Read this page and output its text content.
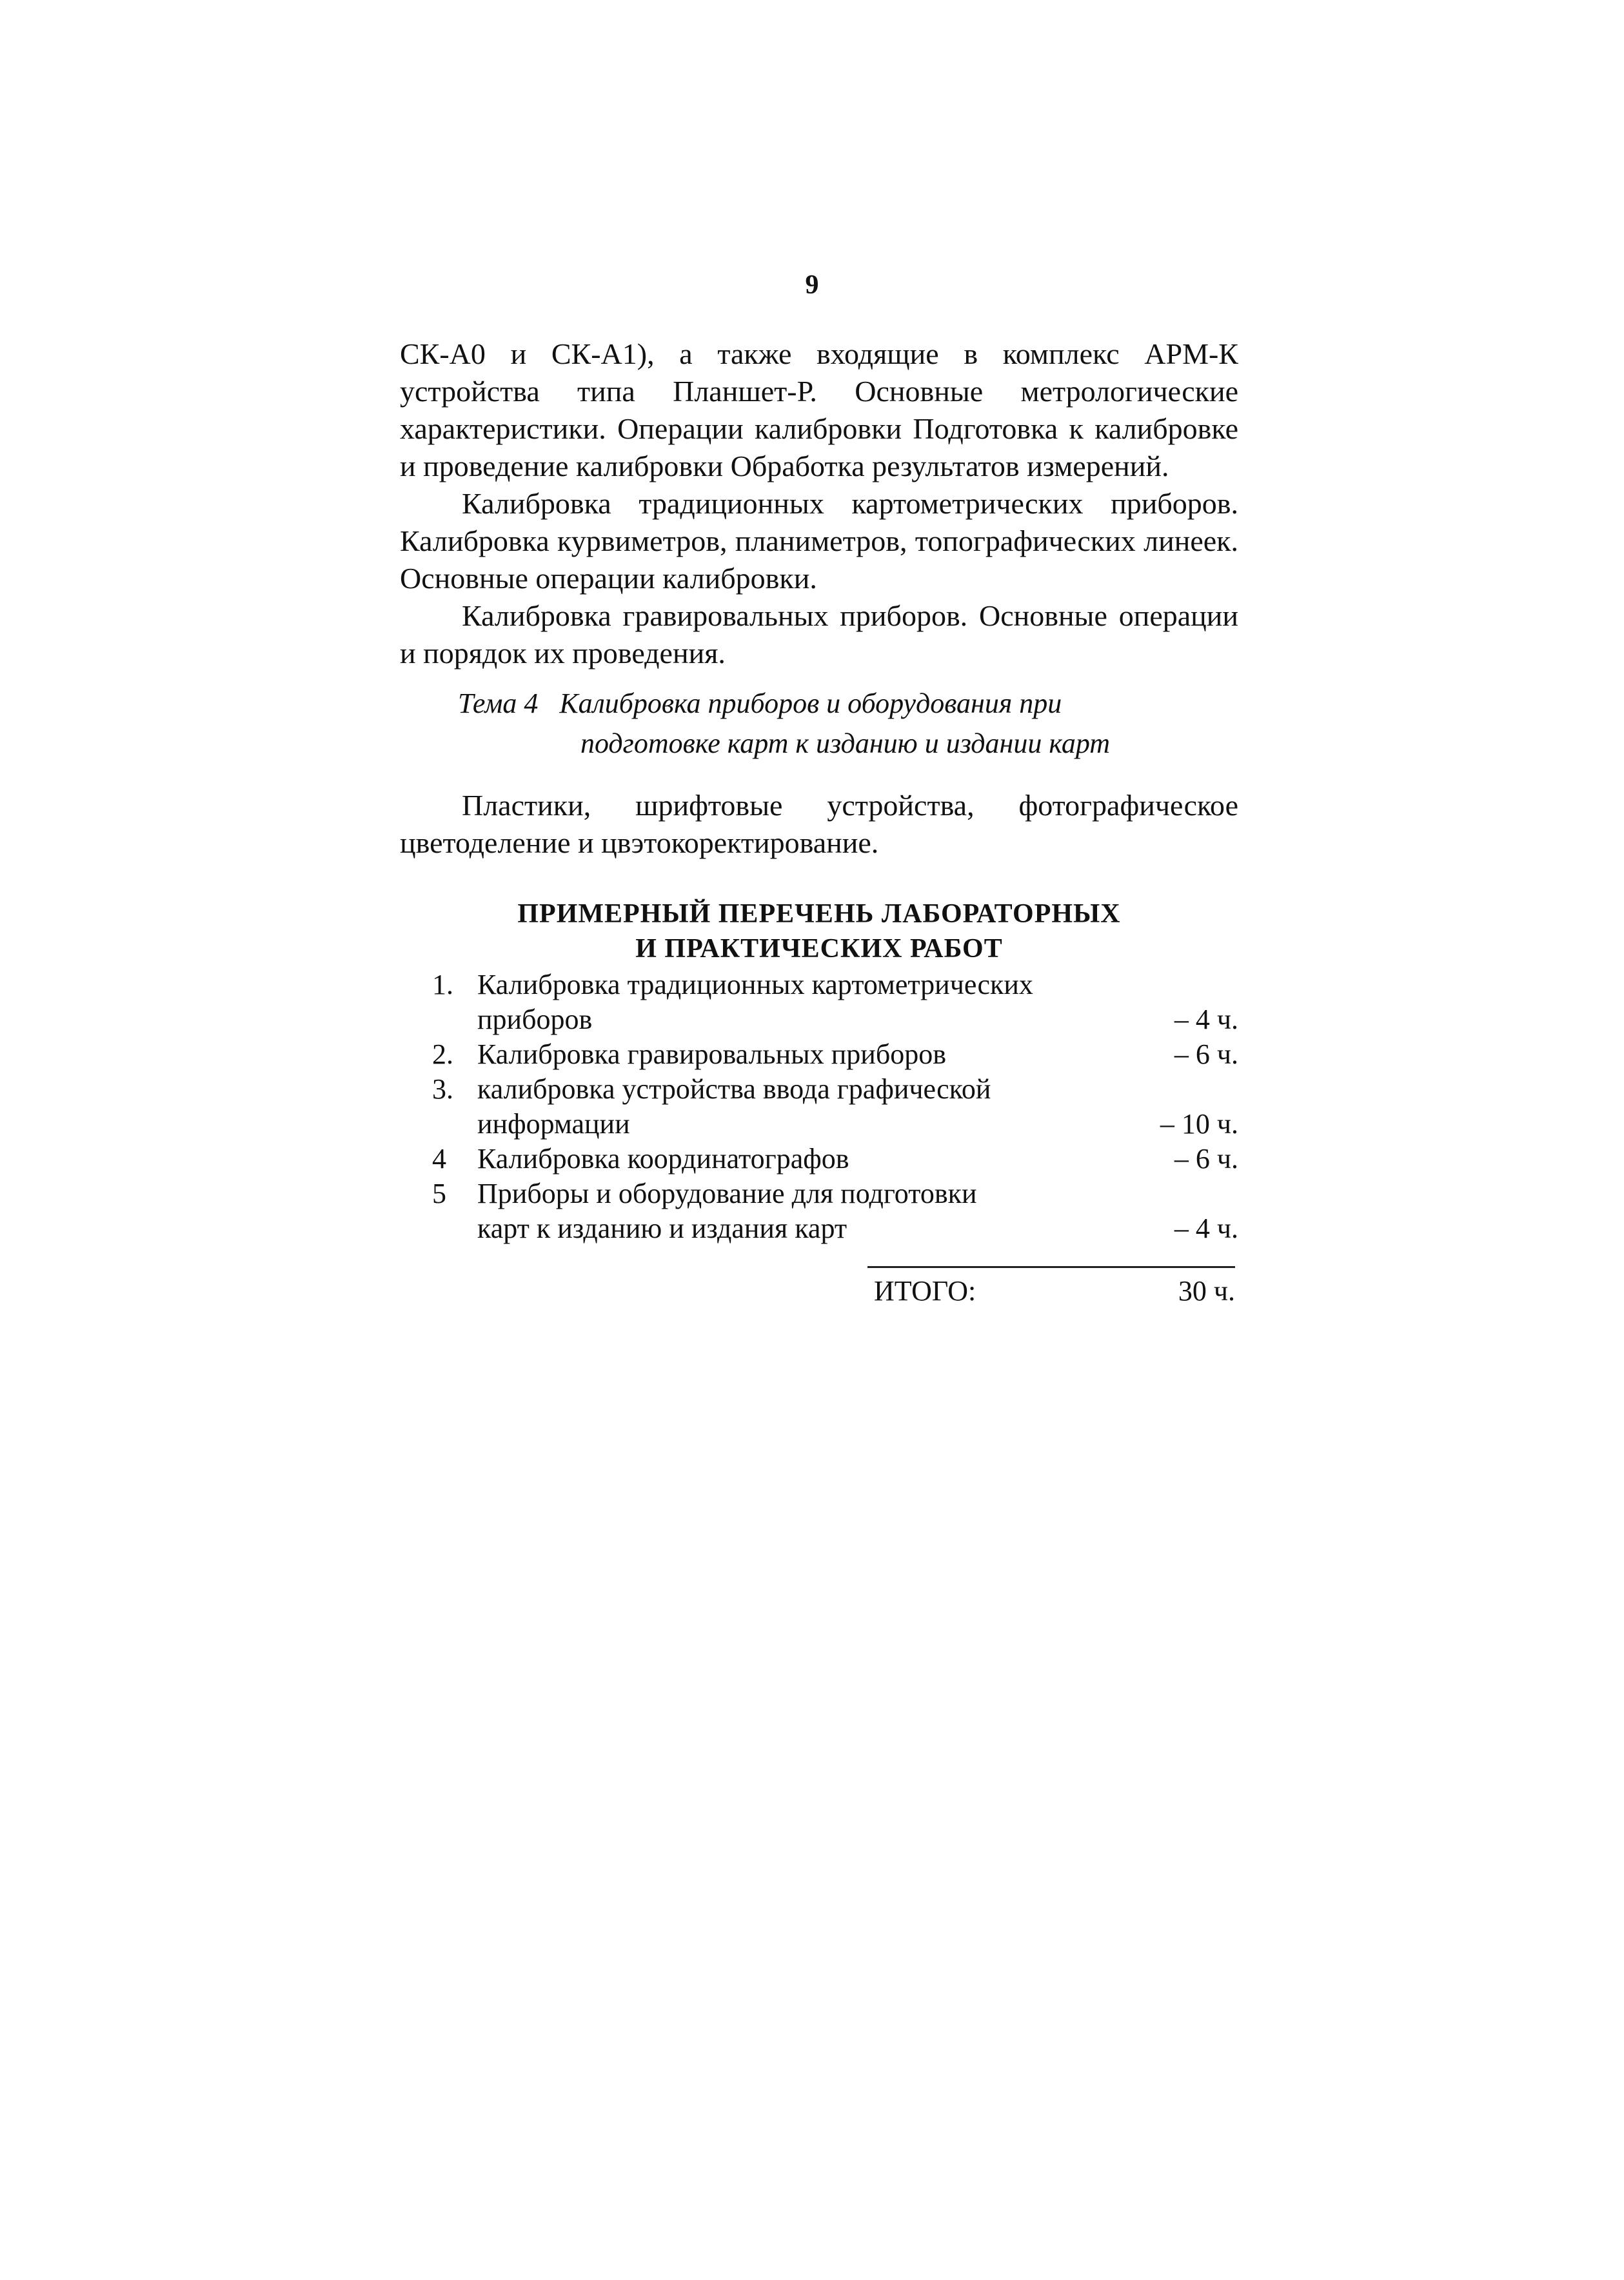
9

СК-А0 и СК-А1), а также входящие в комплекс АРМ-К устройства типа Планшет-Р. Основные метрологические характеристики. Операции калибровки Подготовка к калибровке и проведение калибровки Обработка результатов измерений.

Калибровка традиционных картометрических приборов. Калибровка курвиметров, планиметров, топографических линеек. Основные операции калибровки.

Калибровка гравировальных приборов. Основные операции и порядок их проведения.

Тема 4   Калибровка приборов и оборудования при
подготовке карт к изданию и издании карт

Пластики, шрифтовые устройства, фотографическое цветоделение и цвэтокоректирование.

ПРИМЕРНЫЙ ПЕРЕЧЕНЬ ЛАБОРАТОРНЫХ
И ПРАКТИЧЕСКИХ РАБОТ
1. Калибровка традиционных картометрических
приборов	– 4 ч.
2. Калибровка гравировальных приборов	– 6 ч.
3. калибровка устройства ввода графической
информации	– 10 ч.
4	Калибровка координатографов	– 6 ч.
5	Приборы и оборудование для подготовки
карт к изданию и издания карт	– 4 ч.
ИТОГО:	30 ч.
